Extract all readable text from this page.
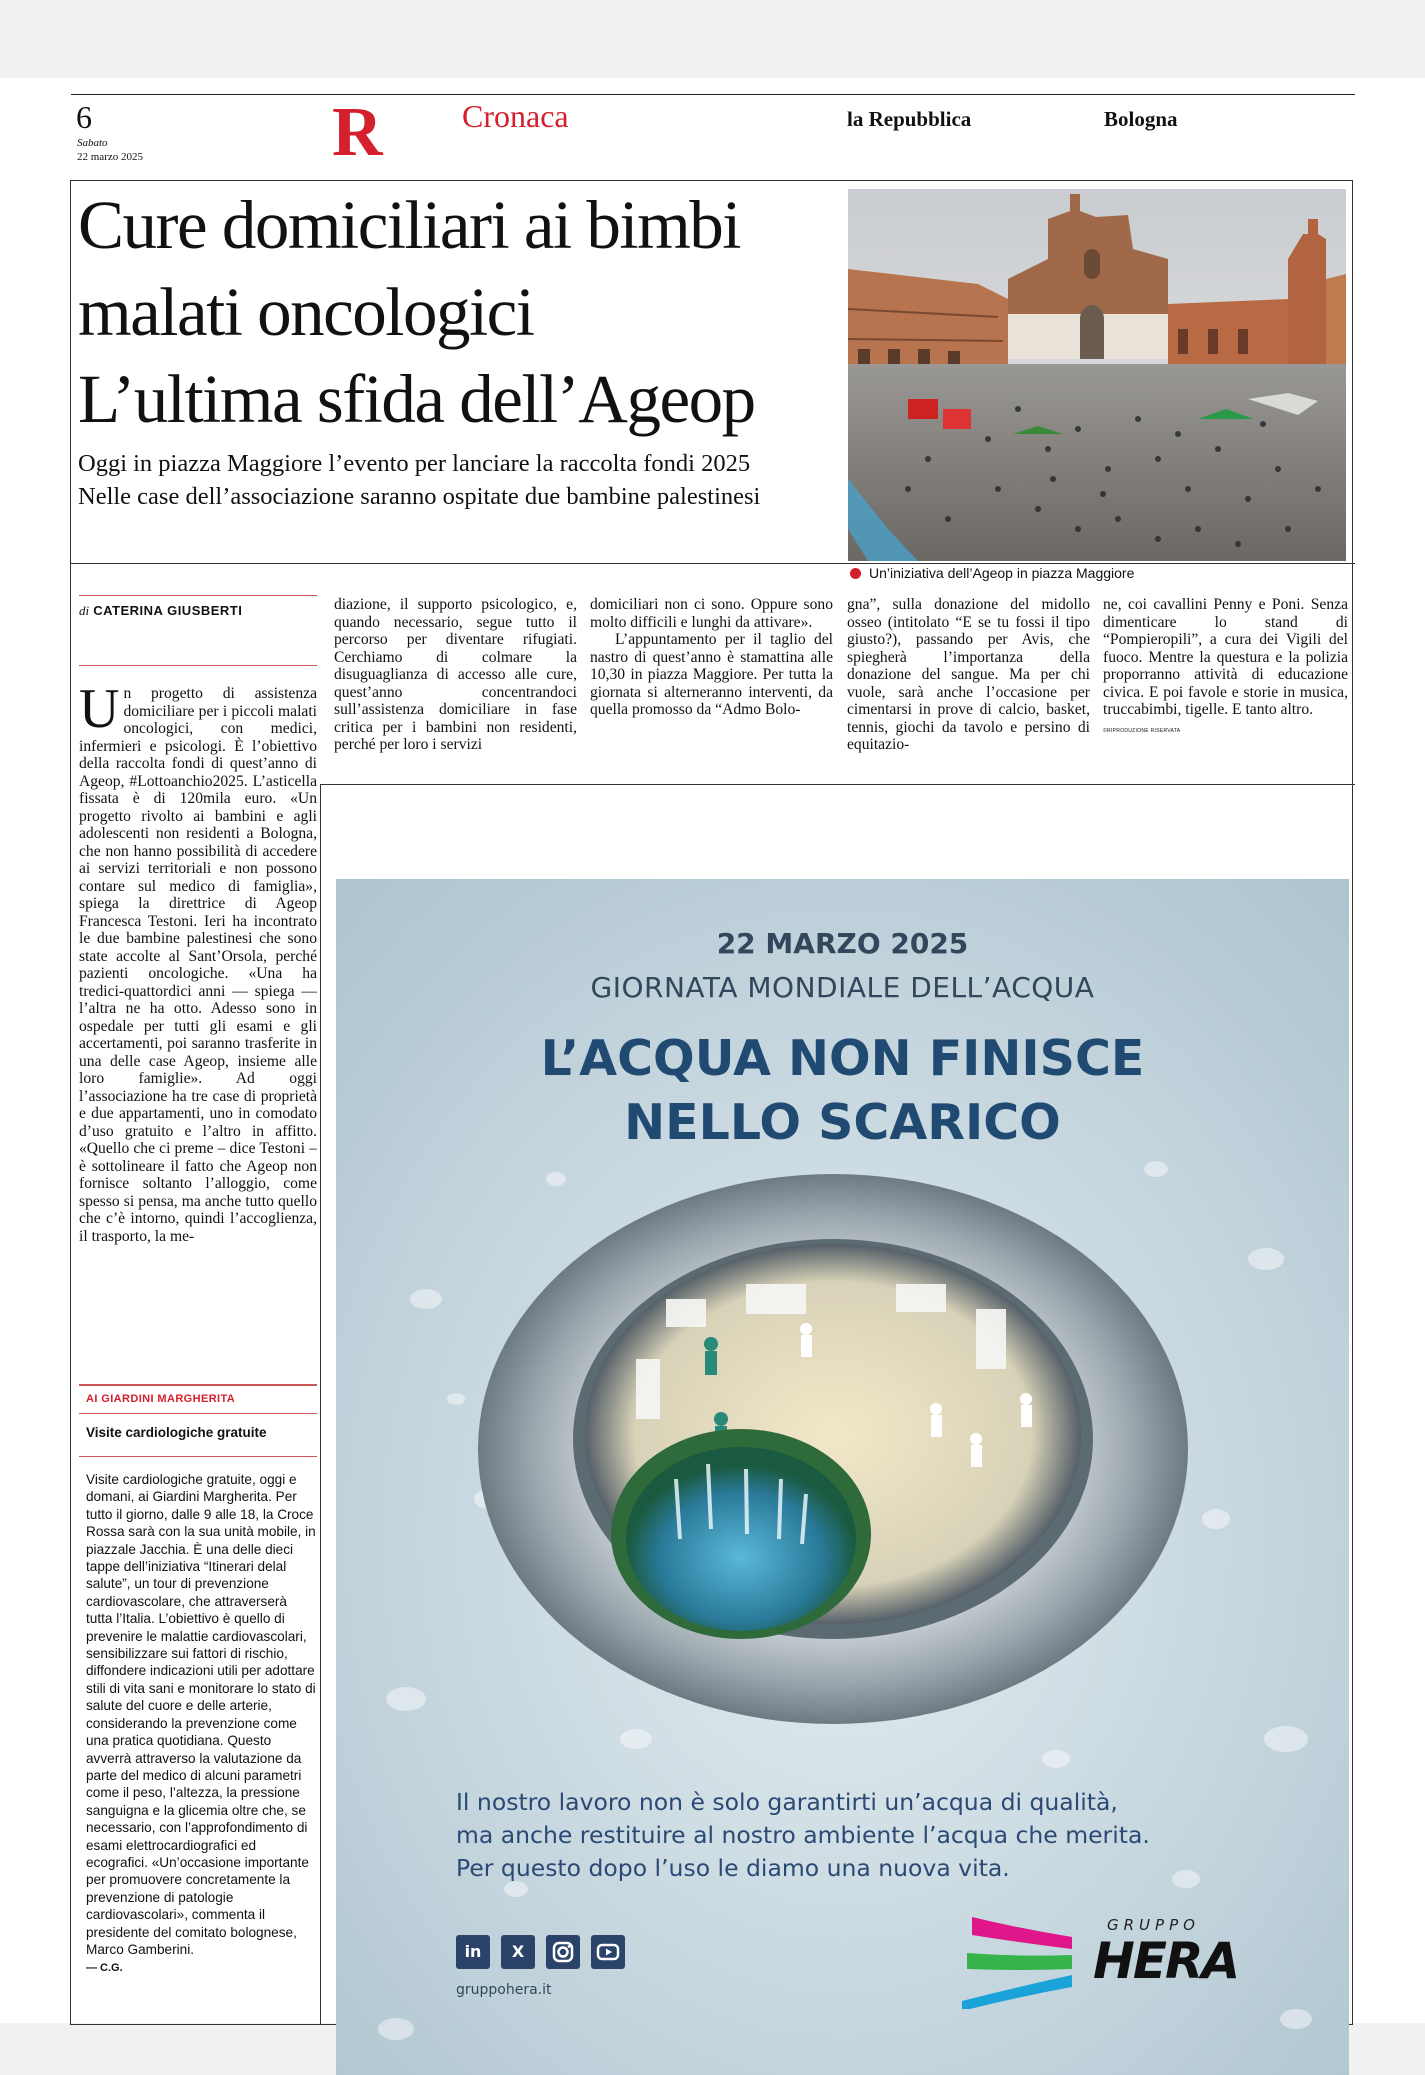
6
Sabato
22 marzo 2025	R Cronaca	la Repubblica	Bologna
Cure domiciliari ai bimbi
malati oncologici
L’ultima sfida dell’Ageop

Oggi in piazza Maggiore l’evento per lanciare la raccolta fondi 2025
Nelle case dell’associazione saranno ospitate due bambine palestinesi

Un’iniziativa dell’Ageop in piazza Maggiore
di CATERINA GIUSBERTI
Un progetto di assistenza domiciliare per i piccoli malati oncologici, con medici, infermieri e psicologi. È l’obiettivo della raccolta fondi di quest’anno di Ageop, #Lottoanchio2025. L’asticella fissata è di 120mila euro. «Un progetto rivolto ai bambini e agli adolescenti non residenti a Bologna, che non hanno possibilità di accedere ai servizi territoriali e non possono contare sul medico di famiglia», spiega la direttrice di Ageop Francesca Testoni. Ieri ha incontrato le due bambine palestinesi che sono state accolte al Sant’Orsola, perché pazienti oncologiche. «Una ha tredici-quattordici anni — spiega — l’altra ne ha otto. Adesso sono in ospedale per tutti gli esami e gli accertamenti, poi saranno trasferite in una delle case Ageop, insieme alle loro famiglie». Ad oggi l’associazione ha tre case di proprietà e due appartamenti, uno in comodato d’uso gratuito e l’altro in affitto. «Quello che ci preme – dice Testoni – è sottolineare il fatto che Ageop non fornisce soltanto l’alloggio, come spesso si pensa, ma anche tutto quello che c’è intorno, quindi l’accoglienza, il trasporto, la me-
diazione, il supporto psicologico, e, quando necessario, segue tutto il percorso per diventare rifugiati. Cerchiamo di colmare la disuguaglianza di accesso alle cure, quest’anno concentrandoci sull’assistenza domiciliare in fase critica per i bambini non residenti, perché per loro i servizi
domiciliari non ci sono. Oppure sono molto difficili e lunghi da attivare».
L’appuntamento per il taglio del nastro di quest’anno è stamattina alle 10,30 in piazza Maggiore. Per tutta la giornata si alterneranno interventi, da quella promosso da “Admo Bolo-
gna”, sulla donazione del midollo osseo (intitolato “E se tu fossi il tipo giusto?), passando per Avis, che spiegherà l’importanza della donazione del sangue. Ma per chi vuole, sarà anche l’occasione per cimentarsi in prove di calcio, basket, tennis, giochi da tavolo e persino di equitazio-
ne, coi cavallini Penny e Poni. Senza dimenticare lo stand di “Pompieropili”, a cura dei Vigili del fuoco. Mentre la questura e la polizia proporranno attività di educazione civica. E poi favole e storie in musica, truccabimbi, tigelle. E tanto altro.
©RIPRODUZIONE RISERVATA
AI GIARDINI MARGHERITA
Visite cardiologiche gratuite
Visite cardiologiche gratuite, oggi e domani, ai Giardini Margherita. Per tutto il giorno, dalle 9 alle 18, la Croce Rossa sarà con la sua unità mobile, in piazzale Jacchia. È una delle dieci tappe dell’iniziativa “Itinerari delal salute”, un tour di prevenzione cardiovascolare, che attraverserà tutta l’Italia. L’obiettivo è quello di prevenire le malattie cardiovascolari, sensibilizzare sui fattori di rischio, diffondere indicazioni utili per adottare stili di vita sani e monitorare lo stato di salute del cuore e delle arterie, considerando la prevenzione come una pratica quotidiana. Questo avverrà attraverso la valutazione da parte del medico di alcuni parametri come il peso, l’altezza, la pressione sanguigna e la glicemia oltre che, se necessario, con l’approfondimento di esami elettrocardiografici ed ecografici. «Un’occasione importante per promuovere concretamente la prevenzione di patologie cardiovascolari», commenta il presidente del comitato bolognese, Marco Gamberini.
— C.G.
22 MARZO 2025
GIORNATA MONDIALE DELL’ACQUA
L’ACQUA NON FINISCE
NELLO SCARICO
Il nostro lavoro non è solo garantirti un’acqua di qualità,
ma anche restituire al nostro ambiente l’acqua che merita.
Per questo dopo l’uso le diamo una nuova vita.
in	X
gruppohera.it
GRUPPO
HERA
